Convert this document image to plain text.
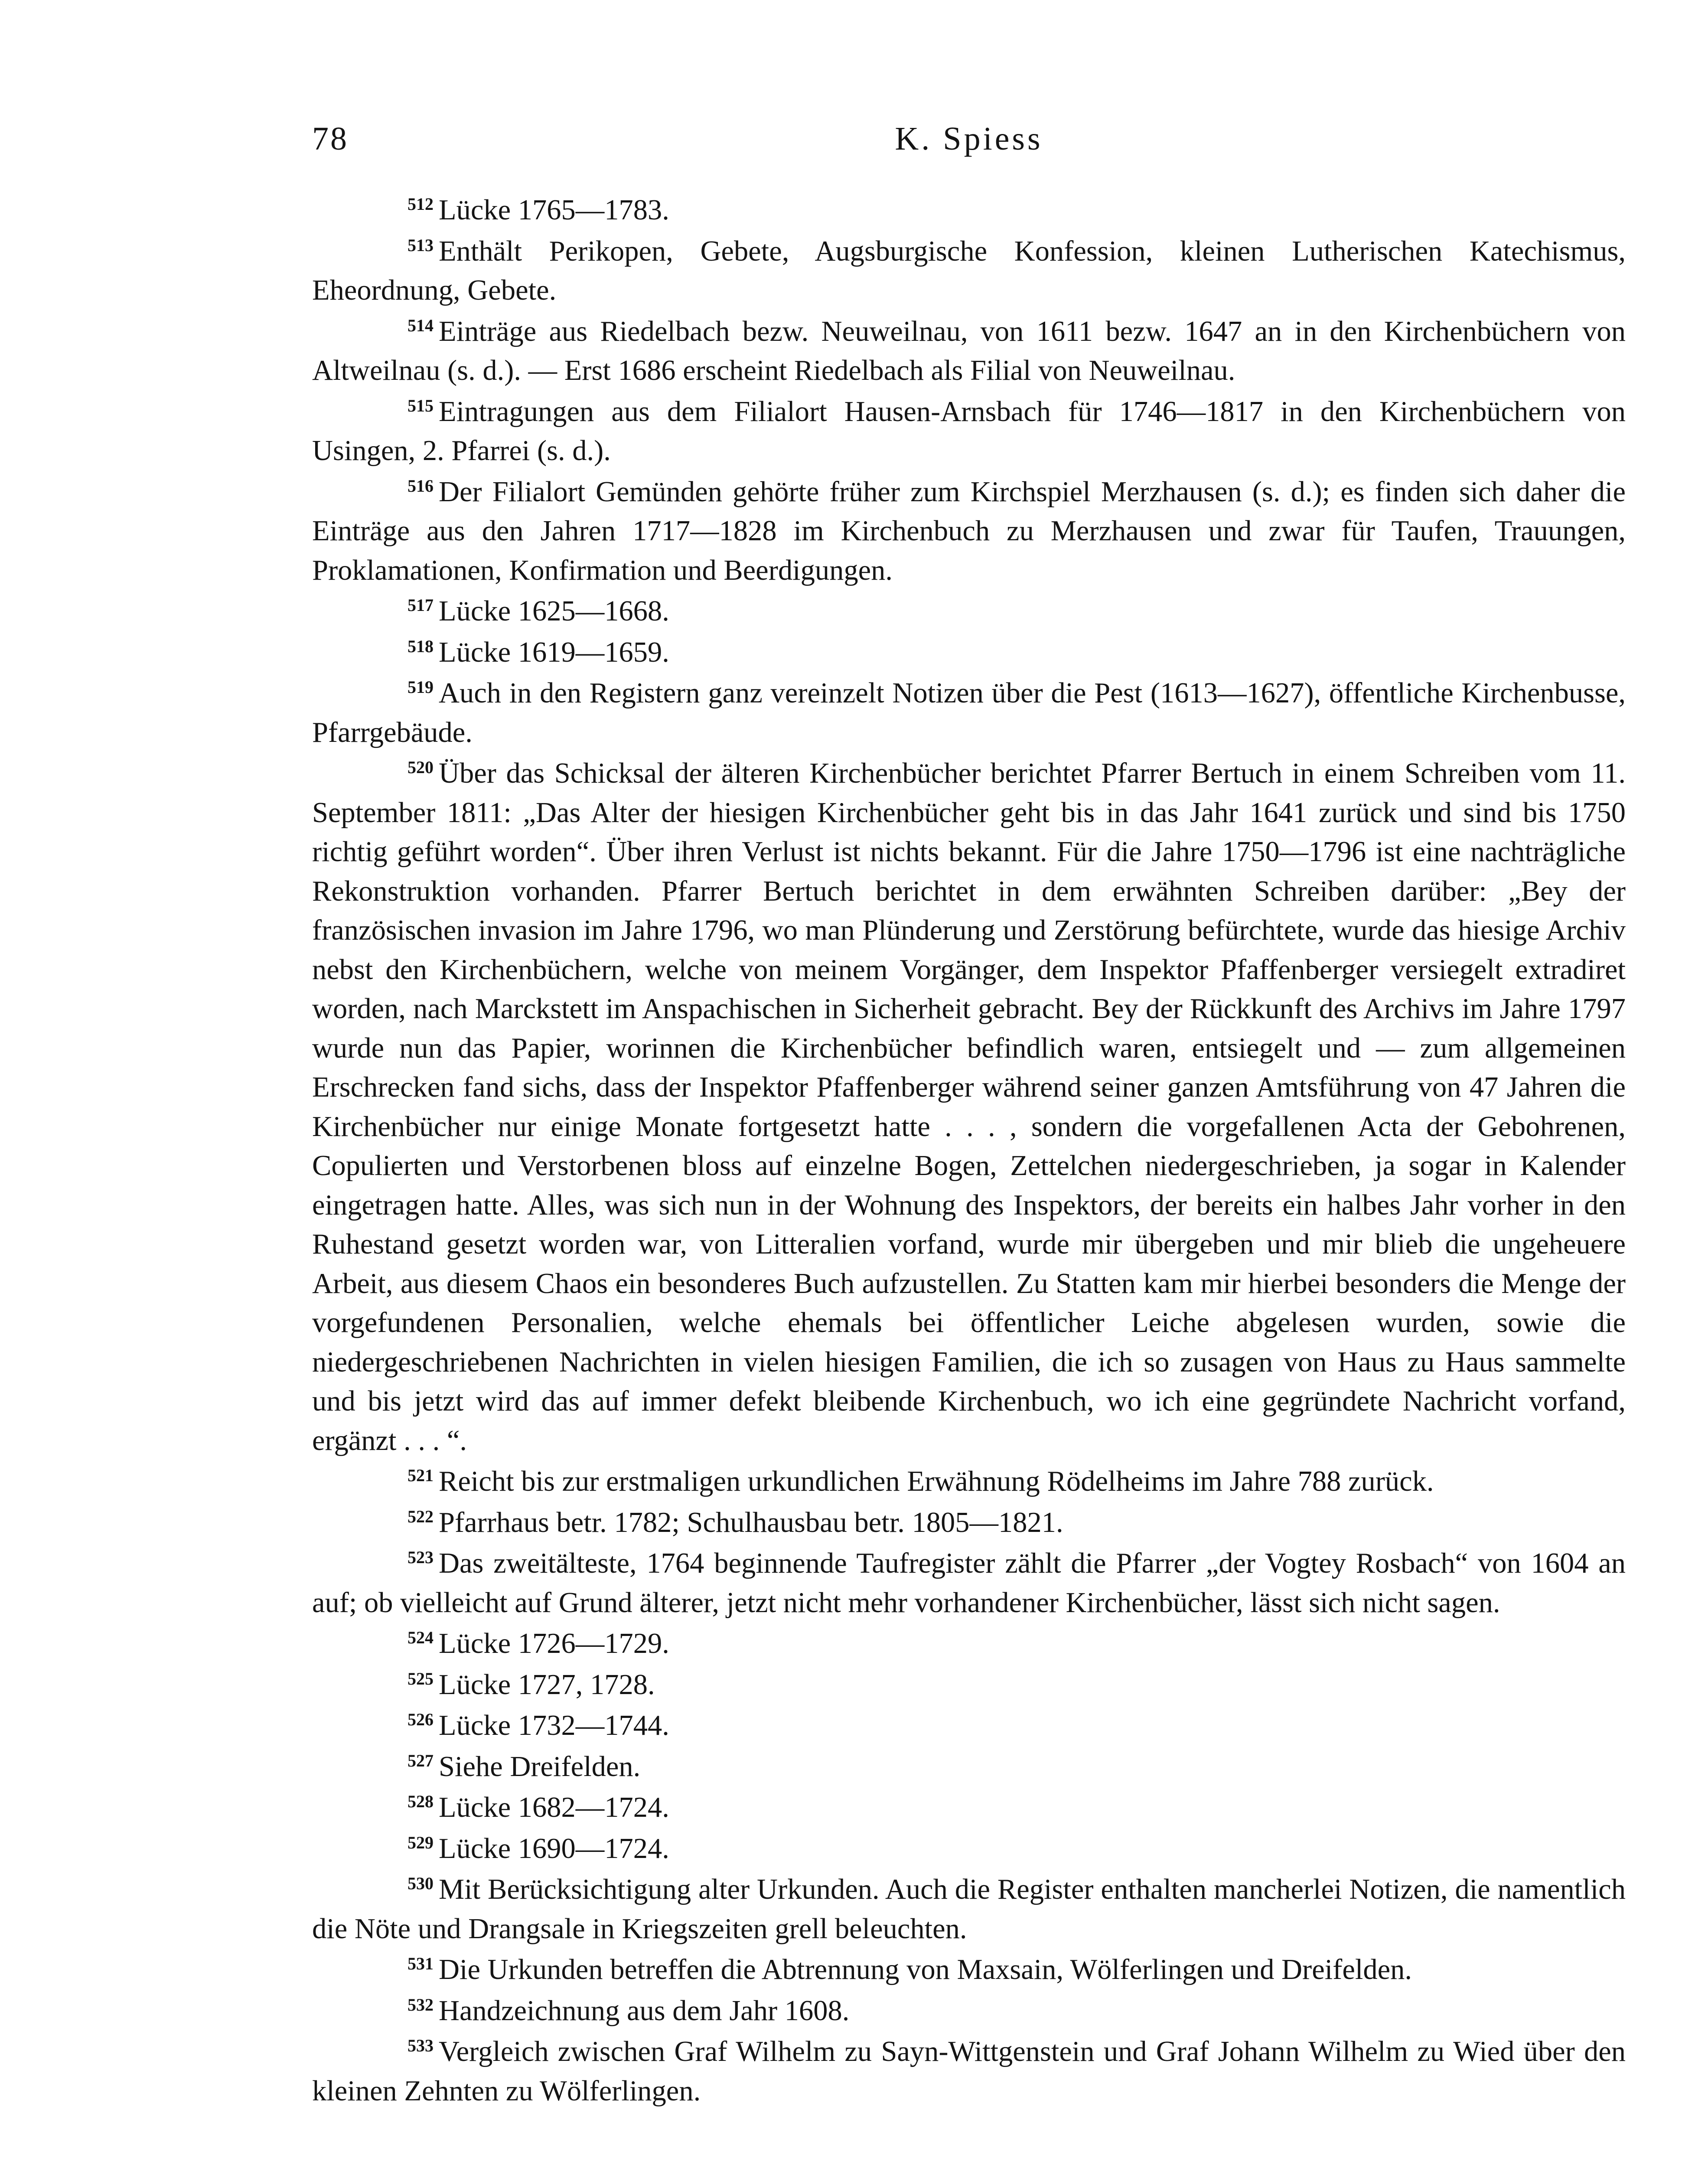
78	K. Spiess

$^{512}$ Lücke 1765—1783.

$^{513}$ Enthält Perikopen, Gebete, Augsburgische Konfession, kleinen Lutherischen Katechismus, Eheordnung, Gebete.

$^{514}$ Einträge aus Riedelbach bezw. Neuweilnau, von 1611 bezw. 1647 an in den Kirchenbüchern von Altweilnau (s. d.). — Erst 1686 erscheint Riedelbach als Filial von Neuweilnau.

$^{515}$ Eintragungen aus dem Filialort Hausen-Arnsbach für 1746—1817 in den Kirchenbüchern von Usingen, 2. Pfarrei (s. d.).

$^{516}$ Der Filialort Gemünden gehörte früher zum Kirchspiel Merzhausen (s. d.); es finden sich daher die Einträge aus den Jahren 1717—1828 im Kirchenbuch zu Merzhausen und zwar für Taufen, Trauungen, Proklamationen, Konfirmation und Beerdigungen.

$^{517}$ Lücke 1625—1668.

$^{518}$ Lücke 1619—1659.

$^{519}$ Auch in den Registern ganz vereinzelt Notizen über die Pest (1613—1627), öffentliche Kirchenbusse, Pfarrgebäude.

$^{520}$ Über das Schicksal der älteren Kirchenbücher berichtet Pfarrer Bertuch in einem Schreiben vom 11. September 1811: „Das Alter der hiesigen Kirchenbücher geht bis in das Jahr 1641 zurück und sind bis 1750 richtig geführt worden“. Über ihren Verlust ist nichts bekannt. Für die Jahre 1750—1796 ist eine nachträgliche Rekonstruktion vorhanden. Pfarrer Bertuch berichtet in dem erwähnten Schreiben darüber: „Bey der französischen invasion im Jahre 1796, wo man Plünderung und Zerstörung befürchtete, wurde das hiesige Archiv nebst den Kirchenbüchern, welche von meinem Vorgänger, dem Inspektor Pfaffenberger versiegelt extradiret worden, nach Marckstett im Anspachischen in Sicherheit gebracht. Bey der Rückkunft des Archivs im Jahre 1797 wurde nun das Papier, worinnen die Kirchenbücher befindlich waren, entsiegelt und — zum allgemeinen Erschrecken fand sichs, dass der Inspektor Pfaffenberger während seiner ganzen Amtsführung von 47 Jahren die Kirchenbücher nur einige Monate fortgesetzt hatte . . . , sondern die vorgefallenen Acta der Gebohrenen, Copulierten und Verstorbenen bloss auf einzelne Bogen, Zettelchen niedergeschrieben, ja sogar in Kalender eingetragen hatte. Alles, was sich nun in der Wohnung des Inspektors, der bereits ein halbes Jahr vorher in den Ruhestand gesetzt worden war, von Litteralien vorfand, wurde mir übergeben und mir blieb die ungeheuere Arbeit, aus diesem Chaos ein besonderes Buch aufzustellen. Zu Statten kam mir hierbei besonders die Menge der vorgefundenen Personalien, welche ehemals bei öffentlicher Leiche abgelesen wurden, sowie die niedergeschriebenen Nachrichten in vielen hiesigen Familien, die ich so zusagen von Haus zu Haus sammelte und bis jetzt wird das auf immer defekt bleibende Kirchenbuch, wo ich eine gegründete Nachricht vorfand, ergänzt . . . “.

$^{521}$ Reicht bis zur erstmaligen urkundlichen Erwähnung Rödelheims im Jahre 788 zurück.

$^{522}$ Pfarrhaus betr. 1782; Schulhausbau betr. 1805—1821.

$^{523}$ Das zweitälteste, 1764 beginnende Taufregister zählt die Pfarrer „der Vogtey Rosbach“ von 1604 an auf; ob vielleicht auf Grund älterer, jetzt nicht mehr vorhandener Kirchenbücher, lässt sich nicht sagen.

$^{524}$ Lücke 1726—1729.

$^{525}$ Lücke 1727, 1728.

$^{526}$ Lücke 1732—1744.

$^{527}$ Siehe Dreifelden.

$^{528}$ Lücke 1682—1724.

$^{529}$ Lücke 1690—1724.

$^{530}$ Mit Berücksichtigung alter Urkunden. Auch die Register enthalten mancherlei Notizen, die namentlich die Nöte und Drangsale in Kriegszeiten grell beleuchten.

$^{531}$ Die Urkunden betreffen die Abtrennung von Maxsain, Wölferlingen und Dreifelden.

$^{532}$ Handzeichnung aus dem Jahr 1608.

$^{533}$ Vergleich zwischen Graf Wilhelm zu Sayn-Wittgenstein und Graf Johann Wilhelm zu Wied über den kleinen Zehnten zu Wölferlingen.
